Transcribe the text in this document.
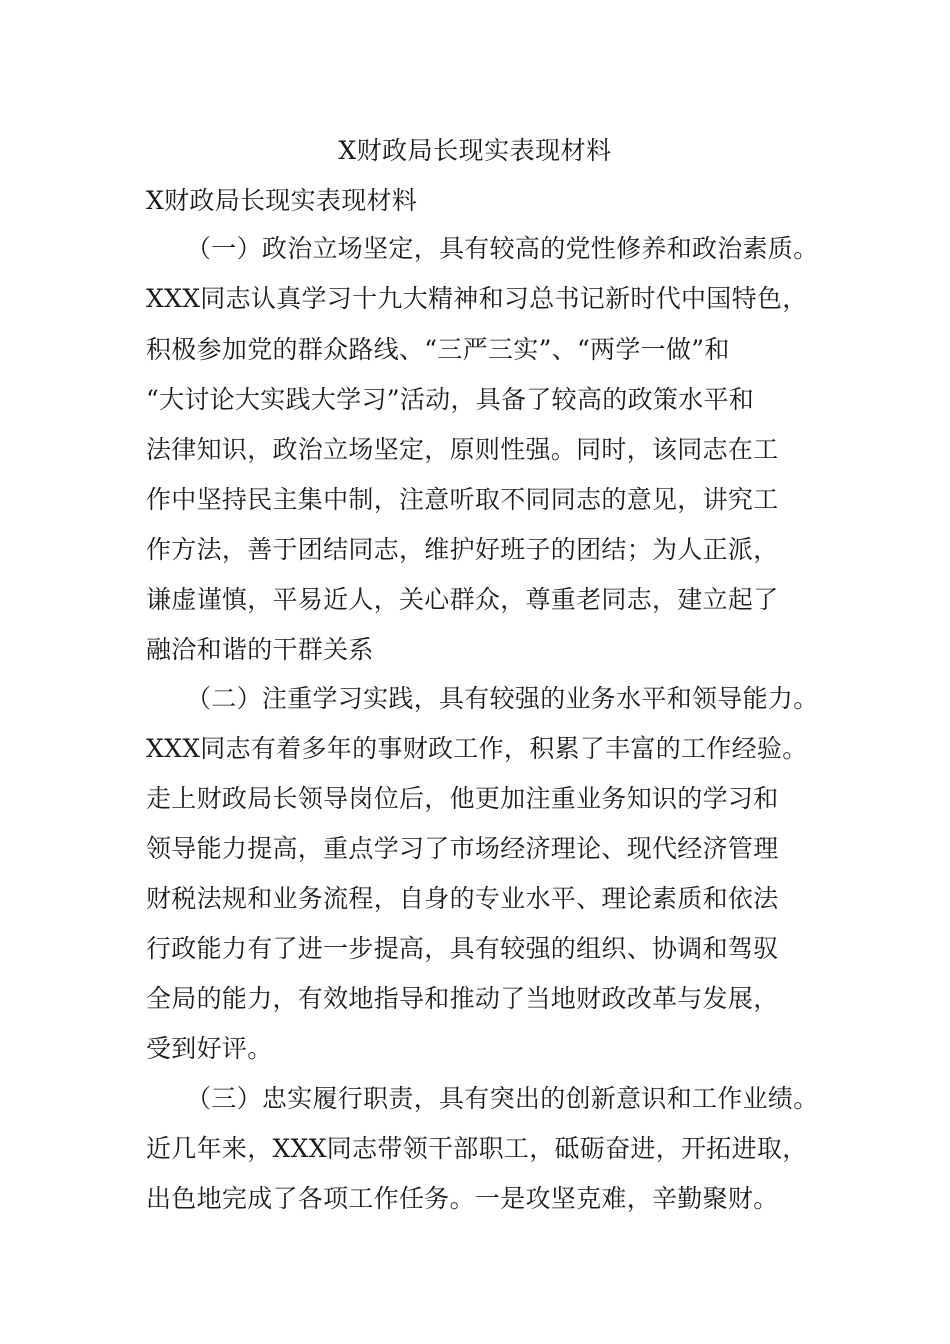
X财政局长现实表现材料
X财政局长现实表现材料
（一）政治立场坚定，具有较高的党性修养和政治素质。
XXX同志认真学习十九大精神和习总书记新时代中国特色，
积极参加党的群众路线、“三严三实”、“两学一做”和
“大讨论大实践大学习”活动，具备了较高的政策水平和
法律知识，政治立场坚定，原则性强。同时，该同志在工
作中坚持民主集中制，注意听取不同同志的意见，讲究工
作方法，善于团结同志，维护好班子的团结；为人正派，
谦虚谨慎，平易近人，关心群众，尊重老同志，建立起了
融洽和谐的干群关系
（二）注重学习实践，具有较强的业务水平和领导能力。
XXX同志有着多年的事财政工作，积累了丰富的工作经验。
走上财政局长领导岗位后，他更加注重业务知识的学习和
领导能力提高，重点学习了市场经济理论、现代经济管理
财税法规和业务流程，自身的专业水平、理论素质和依法
行政能力有了进一步提高，具有较强的组织、协调和驾驭
全局的能力，有效地指导和推动了当地财政改革与发展，
受到好评。
（三）忠实履行职责，具有突出的创新意识和工作业绩。
近几年来，XXX同志带领干部职工，砥砺奋进，开拓进取，
出色地完成了各项工作任务。一是攻坚克难，辛勤聚财。
